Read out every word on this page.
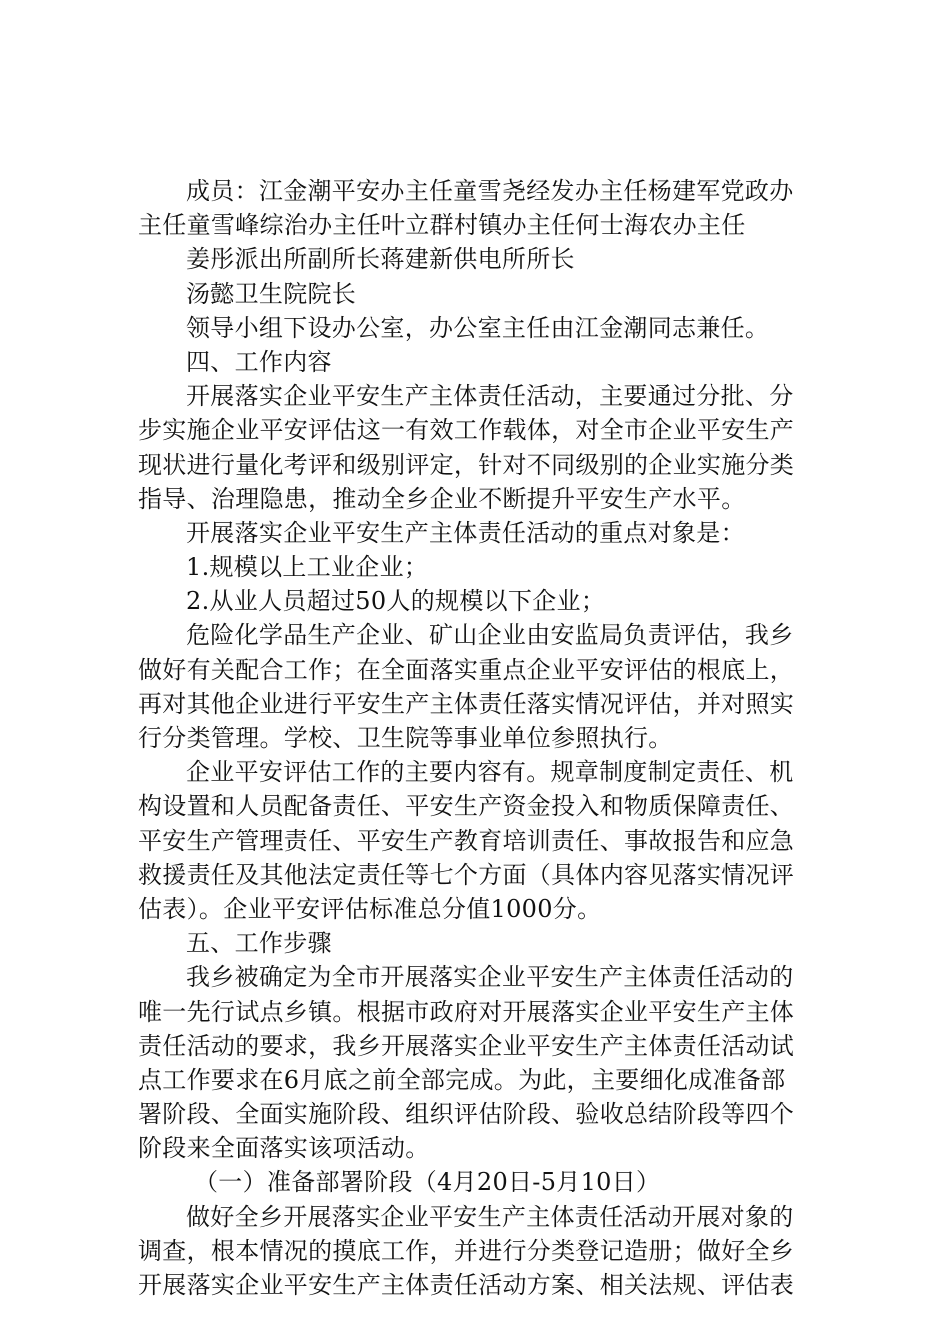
成员：江金潮平安办主任童雪尧经发办主任杨建军党政办
主任童雪峰综治办主任叶立群村镇办主任何士海农办主任
姜彤派出所副所长蒋建新供电所所长
汤懿卫生院院长
领导小组下设办公室，办公室主任由江金潮同志兼任。
四、工作内容
开展落实企业平安生产主体责任活动，主要通过分批、分
步实施企业平安评估这一有效工作载体，对全市企业平安生产
现状进行量化考评和级别评定，针对不同级别的企业实施分类
指导、治理隐患，推动全乡企业不断提升平安生产水平。
开展落实企业平安生产主体责任活动的重点对象是：
1.规模以上工业企业；
2.从业人员超过50人的规模以下企业；
危险化学品生产企业、矿山企业由安监局负责评估，我乡
做好有关配合工作；在全面落实重点企业平安评估的根底上，
再对其他企业进行平安生产主体责任落实情况评估，并对照实
行分类管理。学校、卫生院等事业单位参照执行。
企业平安评估工作的主要内容有。规章制度制定责任、机
构设置和人员配备责任、平安生产资金投入和物质保障责任、
平安生产管理责任、平安生产教育培训责任、事故报告和应急
救援责任及其他法定责任等七个方面（具体内容见落实情况评
估表）。企业平安评估标准总分值1000分。
五、工作步骤
我乡被确定为全市开展落实企业平安生产主体责任活动的
唯一先行试点乡镇。根据市政府对开展落实企业平安生产主体
责任活动的要求，我乡开展落实企业平安生产主体责任活动试
点工作要求在6月底之前全部完成。为此，主要细化成准备部
署阶段、全面实施阶段、组织评估阶段、验收总结阶段等四个
阶段来全面落实该项活动。
（一）准备部署阶段（4月20日-5月10日）
做好全乡开展落实企业平安生产主体责任活动开展对象的
调查，根本情况的摸底工作，并进行分类登记造册；做好全乡
开展落实企业平安生产主体责任活动方案、相关法规、评估表
